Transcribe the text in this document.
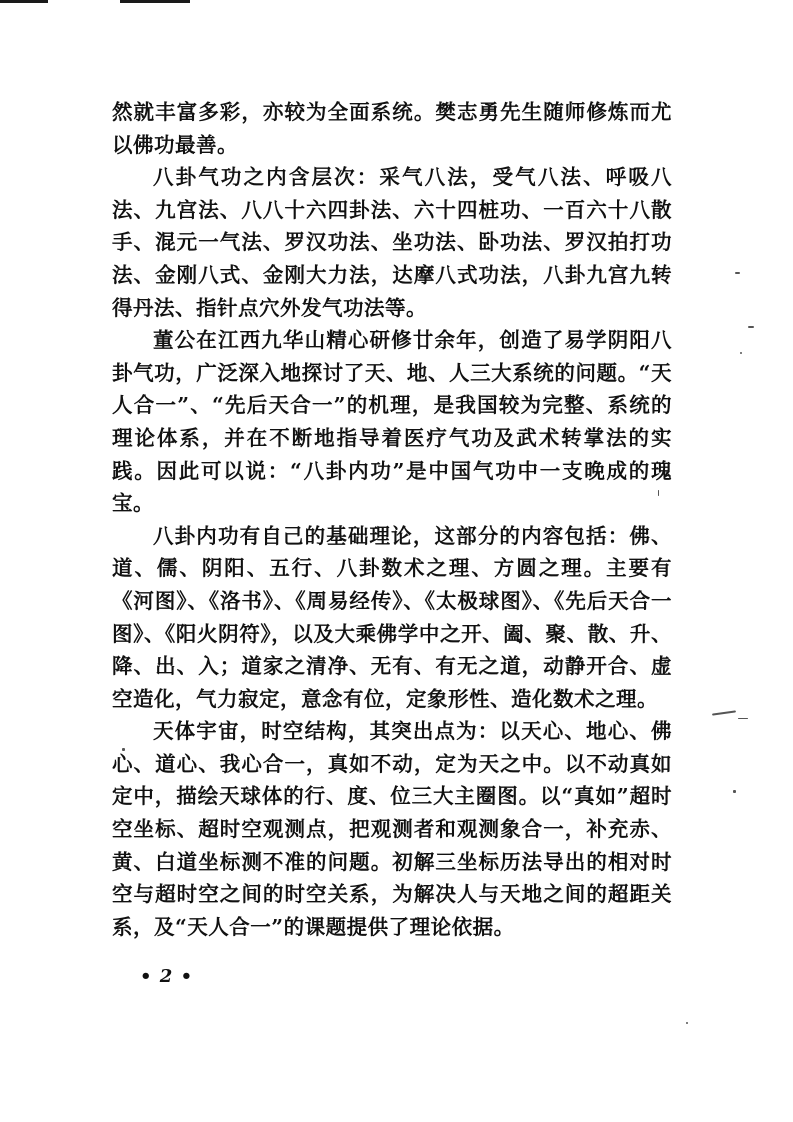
然就丰富多彩，亦较为全面系统。樊志勇先生随师修炼而尤以佛功最善。

八卦气功之内含层次：采气八法，受气八法、呼吸八法、九宫法、八八十六四卦法、六十四桩功、一百六十八散手、混元一气法、罗汉功法、坐功法、卧功法、罗汉拍打功法、金刚八式、金刚大力法，达摩八式功法，八卦九宫九转得丹法、指针点穴外发气功法等。

董公在江西九华山精心研修廿余年，创造了易学阴阳八卦气功，广泛深入地探讨了天、地、人三大系统的问题。“天人合一”、“先后天合一”的机理，是我国较为完整、系统的理论体系，并在不断地指导着医疗气功及武术转掌法的实践。因此可以说：“八卦内功”是中国气功中一支晚成的瑰宝。

八卦内功有自己的基础理论，这部分的内容包括：佛、道、儒、阴阳、五行、八卦数术之理、方圆之理。主要有《河图》、《洛书》、《周易经传》、《太极球图》、《先后天合一图》、《阳火阴符》，以及大乘佛学中之开、阖、聚、散、升、降、出、入；道家之清净、无有、有无之道，动静开合、虚空造化，气力寂定，意念有位，定象形性、造化数术之理。

天体宇宙，时空结构，其突出点为：以天心、地心、佛心、道心、我心合一，真如不动，定为天之中。以不动真如定中，描绘天球体的行、度、位三大主圈图。以“真如”超时空坐标、超时空观测点，把观测者和观测象合一，补充赤、黄、白道坐标测不准的问题。初解三坐标历法导出的相对时空与超时空之间的时空关系，为解决人与天地之间的超距关系，及“天人合一”的课题提供了理论依据。

• 2 •
